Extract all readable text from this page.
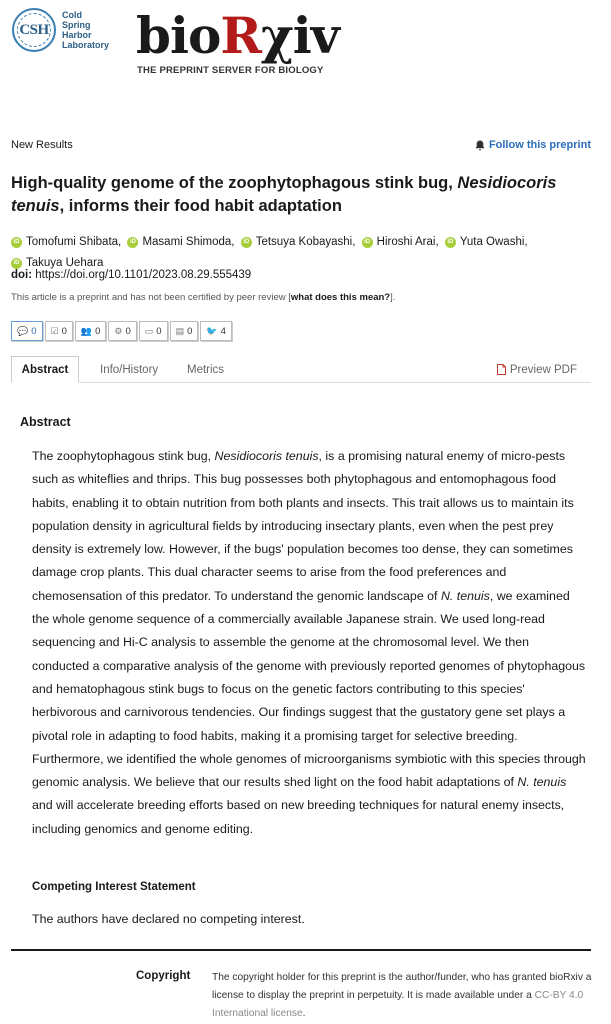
CSH
Cold
Spring
Harbor
Laboratory bioRχiv
THE PREPRINT SERVER FOR BIOLOGY
New Results	Follow this preprint
High-quality genome of the zoophytophagous stink bug, Nesidiocoris tenuis, informs their food habit adaptation
iD Tomofumi Shibata,
	iD Masami Shimoda,
	iD Tetsuya Kobayashi,
	iD Hiroshi Arai,
	iD Yuta Owashi,

iD Takuya Uehara
doi: https://doi.org/10.1101/2023.08.29.555439
This article is a preprint and has not been certified by peer review [what does this mean?].
💬 0 ☑ 0 👥 0 ⚙ 0 ▭ 0 ▤ 0 🐦 4
Abstract	Info/History	Metrics	Preview PDF
Abstract

The zoophytophagous stink bug, Nesidiocoris tenuis, is a promising natural enemy of micro-pests such as whiteflies and thrips. This bug possesses both phytophagous and entomophagous food habits, enabling it to obtain nutrition from both plants and insects. This trait allows us to maintain its population density in agricultural fields by introducing insectary plants, even when the pest prey density is extremely low. However, if the bugs' population becomes too dense, they can sometimes damage crop plants. This dual character seems to arise from the food preferences and chemosensation of this predator. To understand the genomic landscape of N. tenuis, we examined the whole genome sequence of a commercially available Japanese strain. We used long-read sequencing and Hi-C analysis to assemble the genome at the chromosomal level. We then conducted a comparative analysis of the genome with previously reported genomes of phytophagous and hematophagous stink bugs to focus on the genetic factors contributing to this species' herbivorous and carnivorous tendencies. Our findings suggest that the gustatory gene set plays a pivotal role in adapting to food habits, making it a promising target for selective breeding. Furthermore, we identified the whole genomes of microorganisms symbiotic with this species through genomic analysis. We believe that our results shed light on the food habit adaptations of N. tenuis and will accelerate breeding efforts based on new breeding techniques for natural enemy insects, including genomics and genome editing.

Competing Interest Statement

The authors have declared no competing interest.

Copyright The copyright holder for this preprint is the author/funder, who has granted bioRxiv a license to display the preprint in perpetuity. It is made available under a CC-BY 4.0 International license.
